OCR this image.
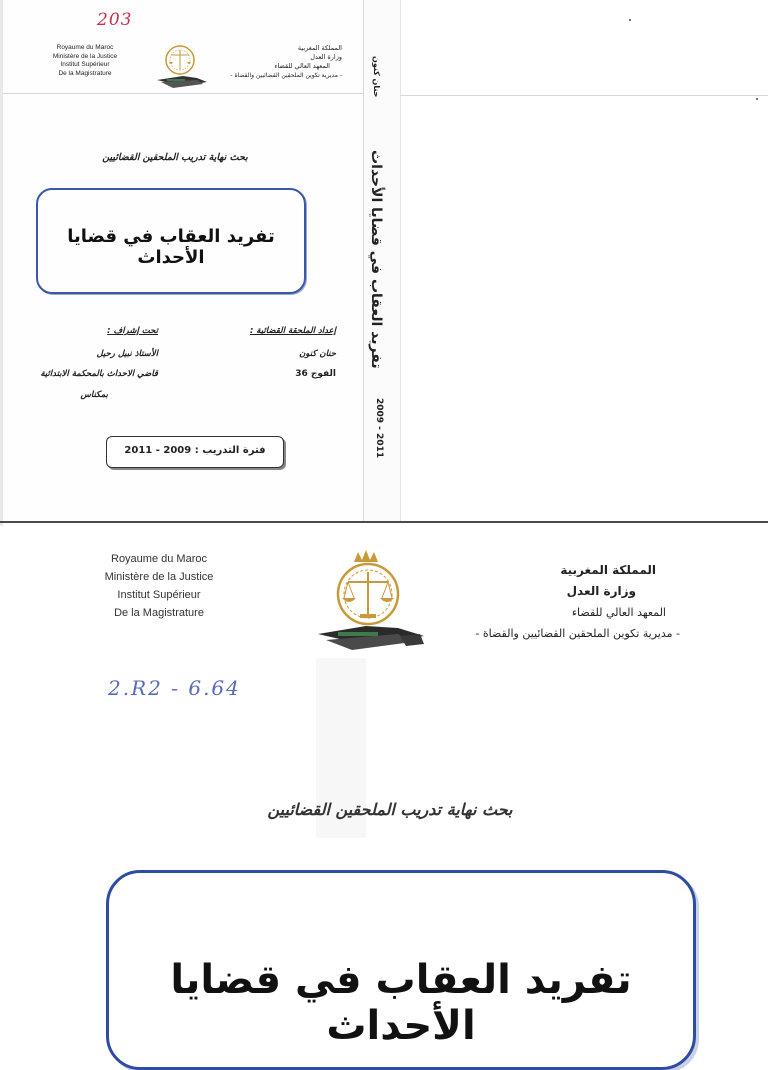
203
Royaume du Maroc
Ministère de la Justice
Institut Supérieur
De la Magistrature
المملكة المغربية
وزارة العدل
المعهد العالي للقضاء
- مديرية تكوين الملحقين القضائيين والقضاة -
بحث نهاية تدريب الملحقين القضائيين
تفريد العقاب في قضايا الأحداث
إعداد الملحقة القضائية :
تحت إشراف :
حنان كنون
الفوج 36
الأستاذ نبيل رحيل
قاضي الاحداث بالمحكمة الابتدائية
بمكناس
فترة التدريب : 2009 - 2011
حنان كنون
تفريد العقاب في قضايا الأحداث
2009 - 2011
Royaume du Maroc
Ministère de la Justice
Institut Supérieur
De la Magistrature
المملكة المغربية
وزارة العدل
المعهد العالي للقضاء
- مديرية تكوين الملحقين القضائيين والقضاة -
2.R2 - 6.64
بحث نهاية تدريب الملحقين القضائيين
تفريد العقاب في قضايا الأحداث
